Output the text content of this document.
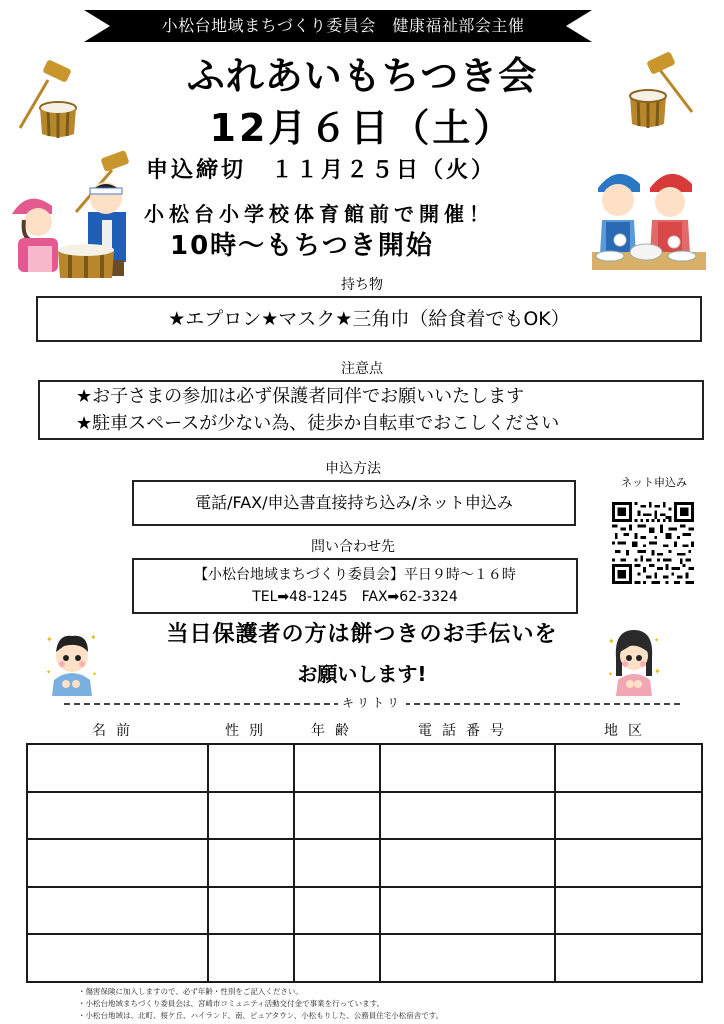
小松台地域まちづくり委員会　健康福祉部会主催
ふれあいもちつき会
12月６日（土）
申込締切　１１月２５日（火）
小松台小学校体育館前で開催！
10時～もちつき開始
持ち物
★エプロン★マスク★三角巾（給食着でもOK）
注意点
★お子さまの参加は必ず保護者同伴でお願いいたします
★駐車スペースが少ない為、徒歩か自転車でおこしください
申込方法
電話/FAX/申込書直接持ち込み/ネット申込み
問い合わせ先
【小松台地域まちづくり委員会】平日９時～１６時
TEL➡48-1245　FAX➡62-3324
ネット申込み
✦	✦
✦	✦
✦	✦
✦	✦
当日保護者の方は餅つきのお手伝いを
お願いします!
キリトリ
名前	性別	年齢	電話番号	地区

・傷害保険に加入しますので、必ず年齢・性別をご記入ください。
・小松台地域まちづくり委員会は、宮崎市コミュニティ活動交付金で事業を行っています。
・小松台地域は、北町、桜ケ丘、ハイランド、南、ピュアタウン、小松もりした、公務員住宅小松宿舎です。
